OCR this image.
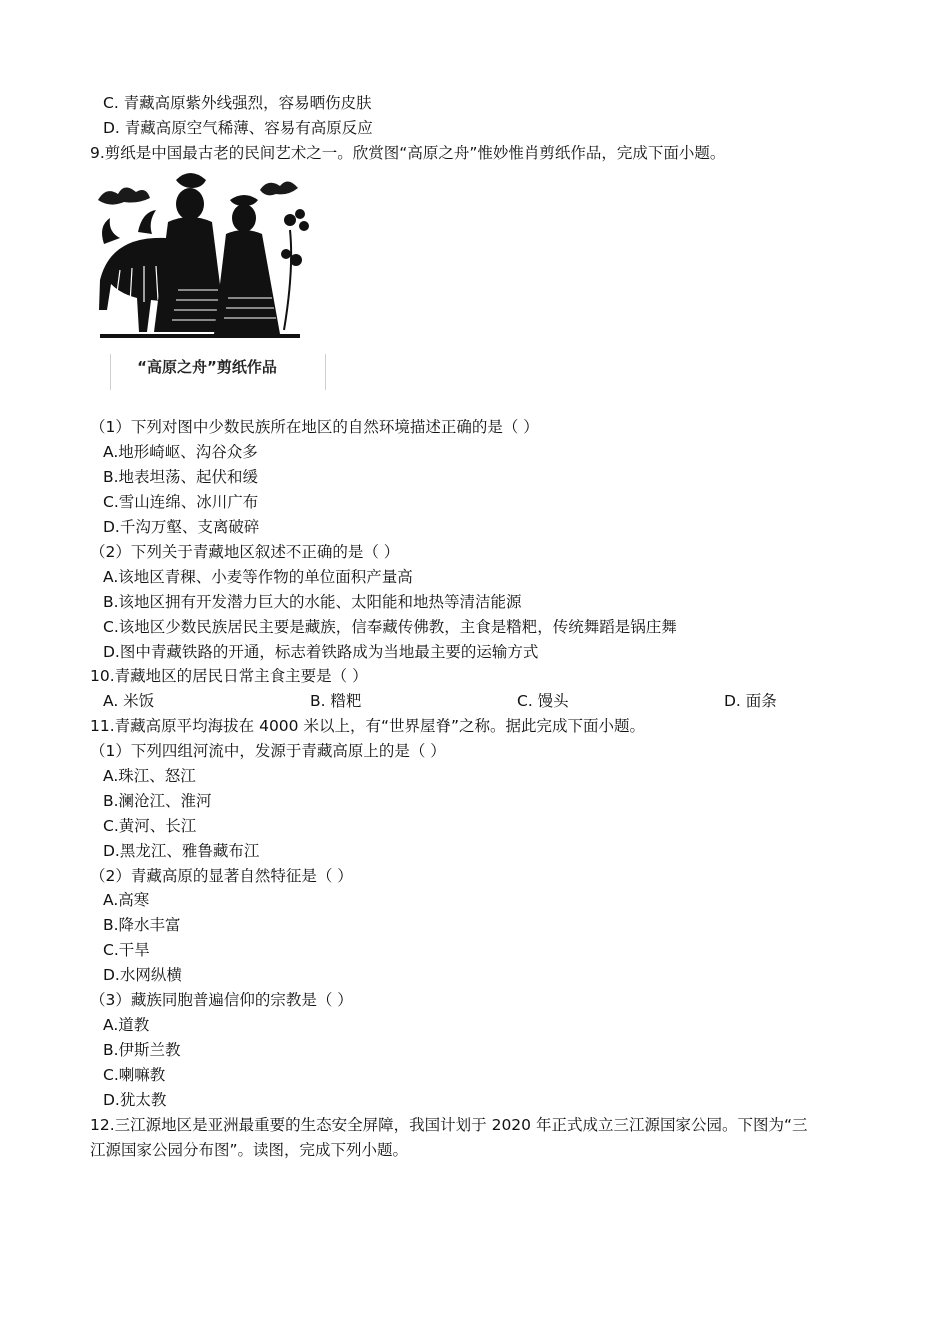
C. 青藏高原紫外线强烈，容易晒伤皮肤
D. 青藏高原空气稀薄、容易有高原反应
9.剪纸是中国最古老的民间艺术之一。欣赏图“高原之舟”惟妙惟肖剪纸作品，完成下面小题。
“高原之舟”剪纸作品
（1）下列对图中少数民族所在地区的自然环境描述正确的是（ ）
A.地形崎岖、沟谷众多
B.地表坦荡、起伏和缓
C.雪山连绵、冰川广布
D.千沟万壑、支离破碎
（2）下列关于青藏地区叙述不正确的是（ ）
A.该地区青稞、小麦等作物的单位面积产量高
B.该地区拥有开发潜力巨大的水能、太阳能和地热等清洁能源
C.该地区少数民族居民主要是藏族，信奉藏传佛教，主食是糌粑，传统舞蹈是锅庄舞
D.图中青藏铁路的开通，标志着铁路成为当地最主要的运输方式
10.青藏地区的居民日常主食主要是（ ）
A. 米饭	B. 糌粑	C. 馒头	D. 面条
11.青藏高原平均海拔在 4000 米以上，有“世界屋脊”之称。据此完成下面小题。
（1）下列四组河流中，发源于青藏高原上的是（ ）
A.珠江、怒江
B.澜沧江、淮河
C.黄河、长江
D.黑龙江、雅鲁藏布江
（2）青藏高原的显著自然特征是（ ）
A.高寒
B.降水丰富
C.干旱
D.水网纵横
（3）藏族同胞普遍信仰的宗教是（ ）
A.道教
B.伊斯兰教
C.喇嘛教
D.犹太教
12.三江源地区是亚洲最重要的生态安全屏障，我国计划于 2020 年正式成立三江源国家公园。下图为“三
江源国家公园分布图”。读图，完成下列小题。
